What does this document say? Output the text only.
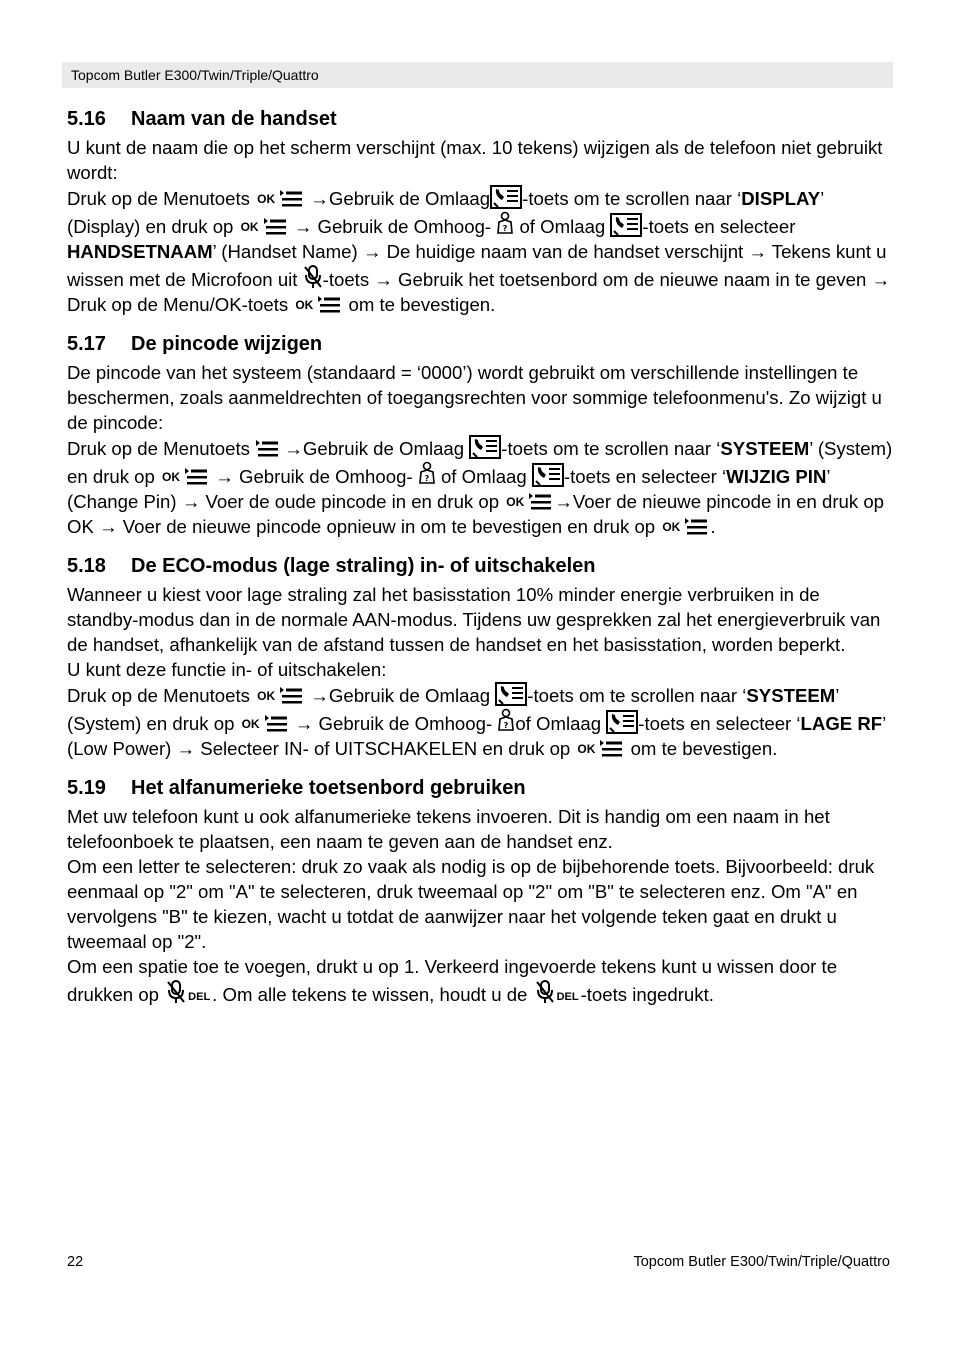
Topcom Butler E300/Twin/Triple/Quattro
5.16 Naam van de handset

U kunt de naam die op het scherm verschijnt (max. 10 tekens) wijzigen als de telefoon niet gebruikt wordt:

Druk op de Menutoets OK →Gebruik de Omlaag -toets om te scrollen naar ‘DISPLAY’ (Display) en druk op OK → Gebruik de Omhoog- of Omlaag -toets en selecteer HANDSETNAAM’ (Handset Name) → De huidige naam van de handset verschijnt → Tekens kunt u wissen met de Microfoon uit -toets → Gebruik het toetsenbord om de nieuwe naam in te geven → Druk op de Menu/OK-toets OK om te bevestigen.

5.17 De pincode wijzigen

De pincode van het systeem (standaard = ‘0000’) wordt gebruikt om verschillende instellingen te beschermen, zoals aanmeldrechten of toegangsrechten voor sommige telefoonmenu's. Zo wijzigt u de pincode:

Druk op de Menutoets →Gebruik de Omlaag -toets om te scrollen naar ‘SYSTEEM’ (System) en druk op OK → Gebruik de Omhoog- of Omlaag -toets en selecteer ‘WIJZIG PIN’ (Change Pin) → Voer de oude pincode in en druk op OK →Voer de nieuwe pincode in en druk op OK → Voer de nieuwe pincode opnieuw in om te bevestigen en druk op OK .

5.18 De ECO-modus (lage straling) in- of uitschakelen

Wanneer u kiest voor lage straling zal het basisstation 10% minder energie verbruiken in de standby-modus dan in de normale AAN-modus. Tijdens uw gesprekken zal het energieverbruik van de handset, afhankelijk van de afstand tussen de handset en het basisstation, worden beperkt.

U kunt deze functie in- of uitschakelen:

Druk op de Menutoets OK →Gebruik de Omlaag -toets om te scrollen naar ‘SYSTEEM’ (System) en druk op OK → Gebruik de Omhoog- of Omlaag -toets en selecteer ‘LAGE RF’ (Low Power) → Selecteer IN- of UITSCHAKELEN en druk op OK om te bevestigen.

5.19 Het alfanumerieke toetsenbord gebruiken

Met uw telefoon kunt u ook alfanumerieke tekens invoeren. Dit is handig om een naam in het telefoonboek te plaatsen, een naam te geven aan de handset enz.

Om een letter te selecteren: druk zo vaak als nodig is op de bijbehorende toets. Bijvoorbeeld: druk eenmaal op "2" om "A" te selecteren, druk tweemaal op "2" om "B" te selecteren enz. Om "A" en vervolgens "B" te kiezen, wacht u totdat de aanwijzer naar het volgende teken gaat en drukt u tweemaal op "2".

Om een spatie toe te voegen, drukt u op 1. Verkeerd ingevoerde tekens kunt u wissen door te drukken op	DEL . Om alle tekens te wissen, houdt u de	DEL -toets ingedrukt.

22	Topcom Butler E300/Twin/Triple/Quattro
